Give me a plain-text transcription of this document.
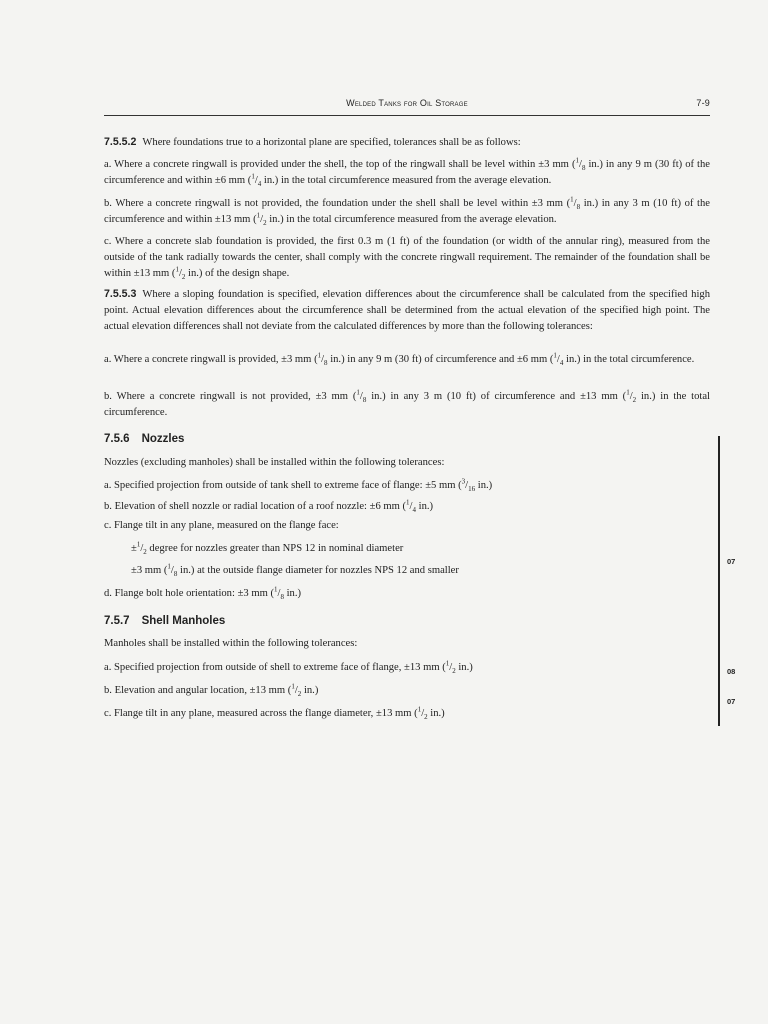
Welded Tanks for Oil Storage	7-9
7.5.5.2 Where foundations true to a horizontal plane are specified, tolerances shall be as follows:
a. Where a concrete ringwall is provided under the shell, the top of the ringwall shall be level within ±3 mm ($^1/_8$ in.) in any 9 m (30 ft) of the circumference and within ±6 mm ($^1/_4$ in.) in the total circumference measured from the average elevation.
b. Where a concrete ringwall is not provided, the foundation under the shell shall be level within ±3 mm ($^1/_8$ in.) in any 3 m (10 ft) of the circumference and within ±13 mm ($^1/_2$ in.) in the total circumference measured from the average elevation.
c. Where a concrete slab foundation is provided, the first 0.3 m (1 ft) of the foundation (or width of the annular ring), measured from the outside of the tank radially towards the center, shall comply with the concrete ringwall requirement. The remainder of the foundation shall be within ±13 mm ($^1/_2$ in.) of the design shape.
7.5.5.3 Where a sloping foundation is specified, elevation differences about the circumference shall be calculated from the specified high point. Actual elevation differences about the circumference shall be determined from the actual elevation of the specified high point. The actual elevation differences shall not deviate from the calculated differences by more than the following tolerances:
a. Where a concrete ringwall is provided, ±3 mm ($^1/_8$ in.) in any 9 m (30 ft) of circumference and ±6 mm ($^1/_4$ in.) in the total circumference.
b. Where a concrete ringwall is not provided, ±3 mm ($^1/_8$ in.) in any 3 m (10 ft) of circumference and ±13 mm ($^1/_2$ in.) in the total circumference.
7.5.6 Nozzles
Nozzles (excluding manholes) shall be installed within the following tolerances:
a. Specified projection from outside of tank shell to extreme face of flange: ±5 mm ($^3/_{16}$ in.)
b. Elevation of shell nozzle or radial location of a roof nozzle: ±6 mm ($^1/_4$ in.)
c. Flange tilt in any plane, measured on the flange face:
$\pm^1/_2$ degree for nozzles greater than NPS 12 in nominal diameter
±3 mm ($^1/_8$ in.) at the outside flange diameter for nozzles NPS 12 and smaller
d. Flange bolt hole orientation: ±3 mm ($^1/_8$ in.)
7.5.7 Shell Manholes
Manholes shall be installed within the following tolerances:
a. Specified projection from outside of shell to extreme face of flange, ±13 mm ($^1/_2$ in.)
b. Elevation and angular location, ±13 mm ($^1/_2$ in.)
c. Flange tilt in any plane, measured across the flange diameter, ±13 mm ($^1/_2$ in.)
07
08
07
